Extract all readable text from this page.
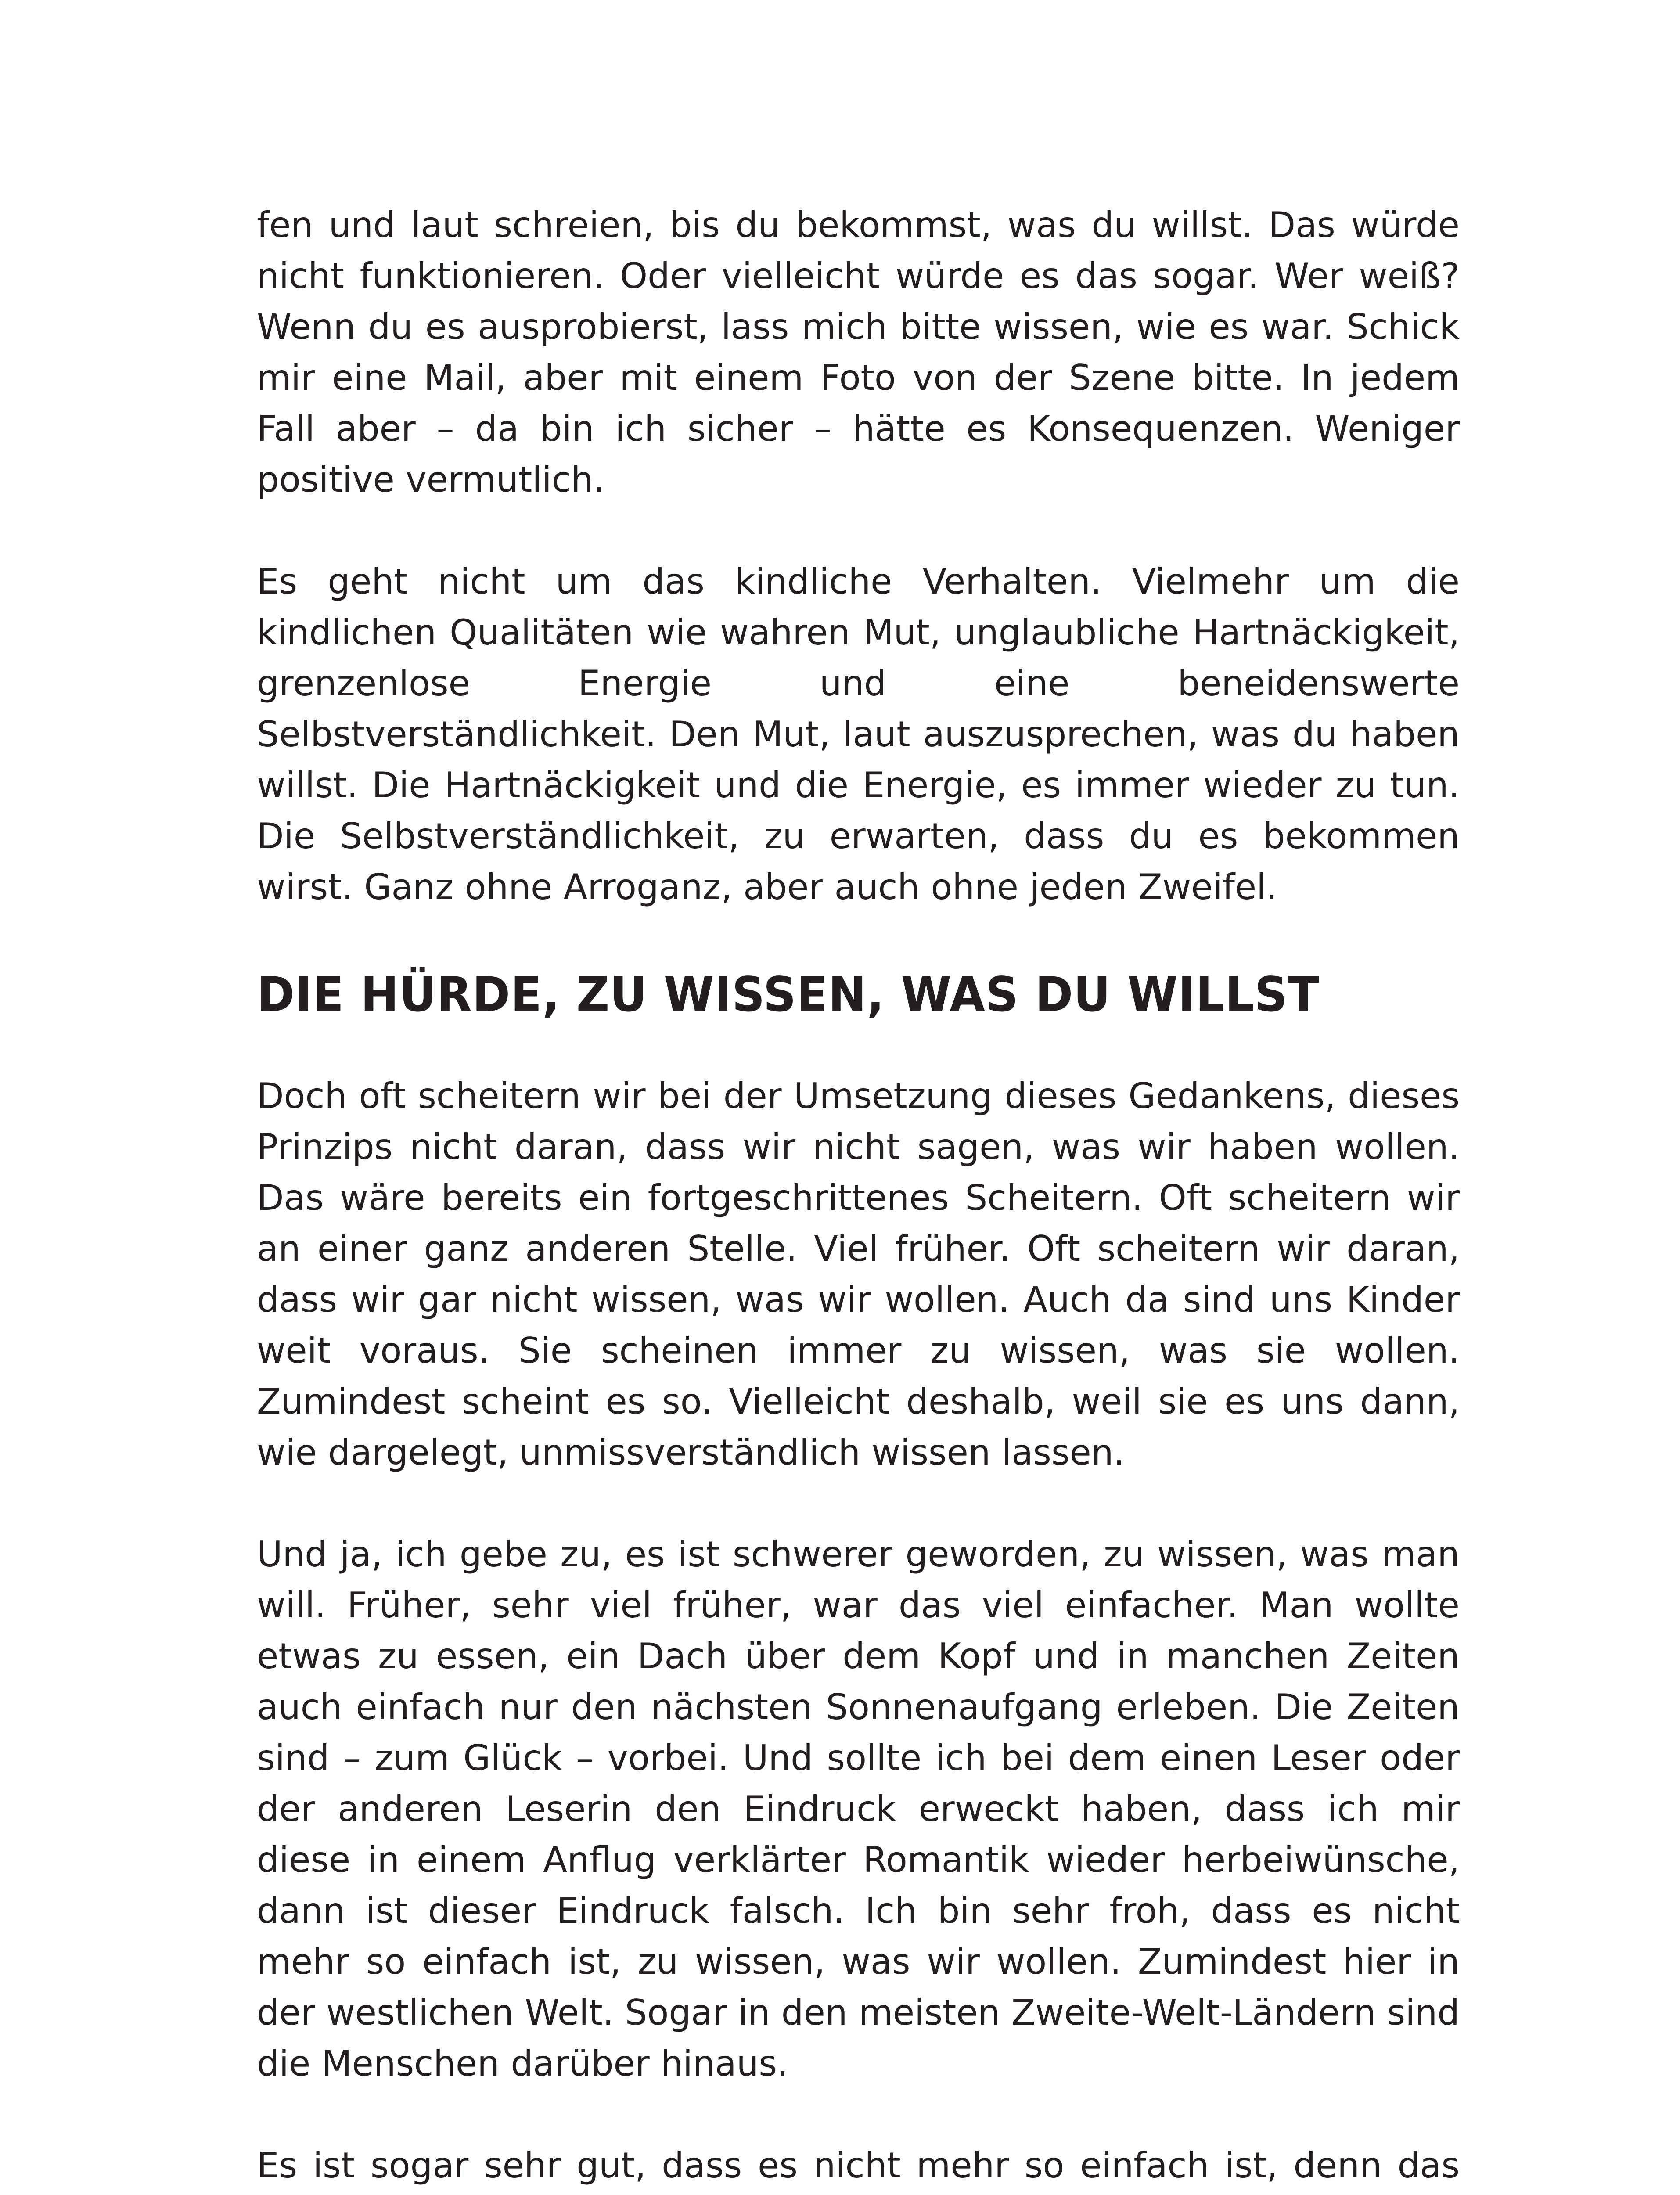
fen und laut schreien, bis du bekommst, was du willst. Das würde nicht funktionieren. Oder vielleicht würde es das sogar. Wer weiß? Wenn du es ausprobierst, lass mich bitte wissen, wie es war. Schick mir eine Mail, aber mit einem Foto von der Szene bitte. In jedem Fall aber – da bin ich sicher – hätte es Konsequenzen. Weniger positive vermutlich.

Es geht nicht um das kindliche Verhalten. Vielmehr um die kindlichen Qualitäten wie wahren Mut, unglaubliche Hartnäckigkeit, grenzenlose Energie und eine beneidenswerte Selbstverständlichkeit. Den Mut, laut auszusprechen, was du haben willst. Die Hartnäckigkeit und die Energie, es immer wieder zu tun. Die Selbstverständlichkeit, zu erwarten, dass du es bekommen wirst. Ganz ohne Arroganz, aber auch ohne jeden Zweifel.

DIE HÜRDE, ZU WISSEN, WAS DU WILLST

Doch oft scheitern wir bei der Umsetzung dieses Gedankens, dieses Prinzips nicht daran, dass wir nicht sagen, was wir haben wollen. Das wäre bereits ein fortgeschrittenes Scheitern. Oft scheitern wir an einer ganz anderen Stelle. Viel früher. Oft scheitern wir daran, dass wir gar nicht wissen, was wir wollen. Auch da sind uns Kinder weit voraus. Sie scheinen immer zu wissen, was sie wollen. Zumindest scheint es so. Vielleicht deshalb, weil sie es uns dann, wie dargelegt, unmissverständlich wissen lassen.

Und ja, ich gebe zu, es ist schwerer geworden, zu wissen, was man will. Früher, sehr viel früher, war das viel einfacher. Man wollte etwas zu essen, ein Dach über dem Kopf und in manchen Zeiten auch einfach nur den nächsten Sonnenaufgang erleben. Die Zeiten sind – zum Glück – vorbei. Und sollte ich bei dem einen Leser oder der anderen Leserin den Eindruck erweckt haben, dass ich mir diese in einem Anflug verklärter Romantik wieder herbeiwünsche, dann ist dieser Eindruck falsch. Ich bin sehr froh, dass es nicht mehr so einfach ist, zu wissen, was wir wollen. Zumindest hier in der westlichen Welt. Sogar in den meisten Zweite-Welt-Ländern sind die Menschen darüber hinaus.

Es ist sogar sehr gut, dass es nicht mehr so einfach ist, denn das
